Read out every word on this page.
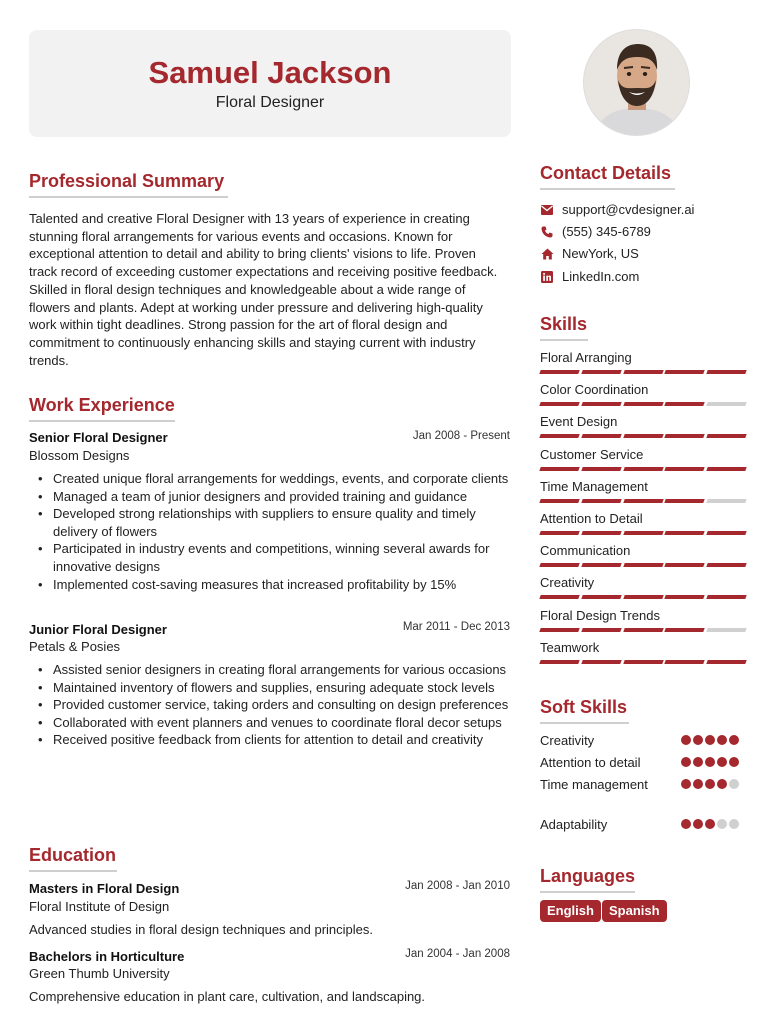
Samuel Jackson
Floral Designer
Professional Summary
Talented and creative Floral Designer with 13 years of experience in creating stunning floral arrangements for various events and occasions. Known for exceptional attention to detail and ability to bring clients' visions to life. Proven track record of exceeding customer expectations and receiving positive feedback. Skilled in floral design techniques and knowledgeable about a wide range of flowers and plants. Adept at working under pressure and delivering high-quality work within tight deadlines. Strong passion for the art of floral design and commitment to continuously enhancing skills and staying current with industry trends.
Work Experience
Senior Floral Designer	Jan 2008 - Present
Blossom Designs
• Created unique floral arrangements for weddings, events, and corporate clients
• Managed a team of junior designers and provided training and guidance
• Developed strong relationships with suppliers to ensure quality and timely delivery of flowers
• Participated in industry events and competitions, winning several awards for innovative designs
• Implemented cost-saving measures that increased profitability by 15%
Junior Floral Designer	Mar 2011 - Dec 2013
Petals & Posies
• Assisted senior designers in creating floral arrangements for various occasions
• Maintained inventory of flowers and supplies, ensuring adequate stock levels
• Provided customer service, taking orders and consulting on design preferences
• Collaborated with event planners and venues to coordinate floral decor setups
• Received positive feedback from clients for attention to detail and creativity
Education
Masters in Floral Design	Jan 2008 - Jan 2010
Floral Institute of Design
Advanced studies in floral design techniques and principles.
Bachelors in Horticulture	Jan 2004 - Jan 2008
Green Thumb University
Comprehensive education in plant care, cultivation, and landscaping.
Contact Details
support@cvdesigner.ai
(555) 345-6789
NewYork, US
LinkedIn.com
Skills
Floral Arranging
Color Coordination
Event Design
Customer Service
Time Management
Attention to Detail
Communication
Creativity
Floral Design Trends
Teamwork
Soft Skills
Creativity
Attention to detail
Time management
Adaptability
Languages
English	Spanish
